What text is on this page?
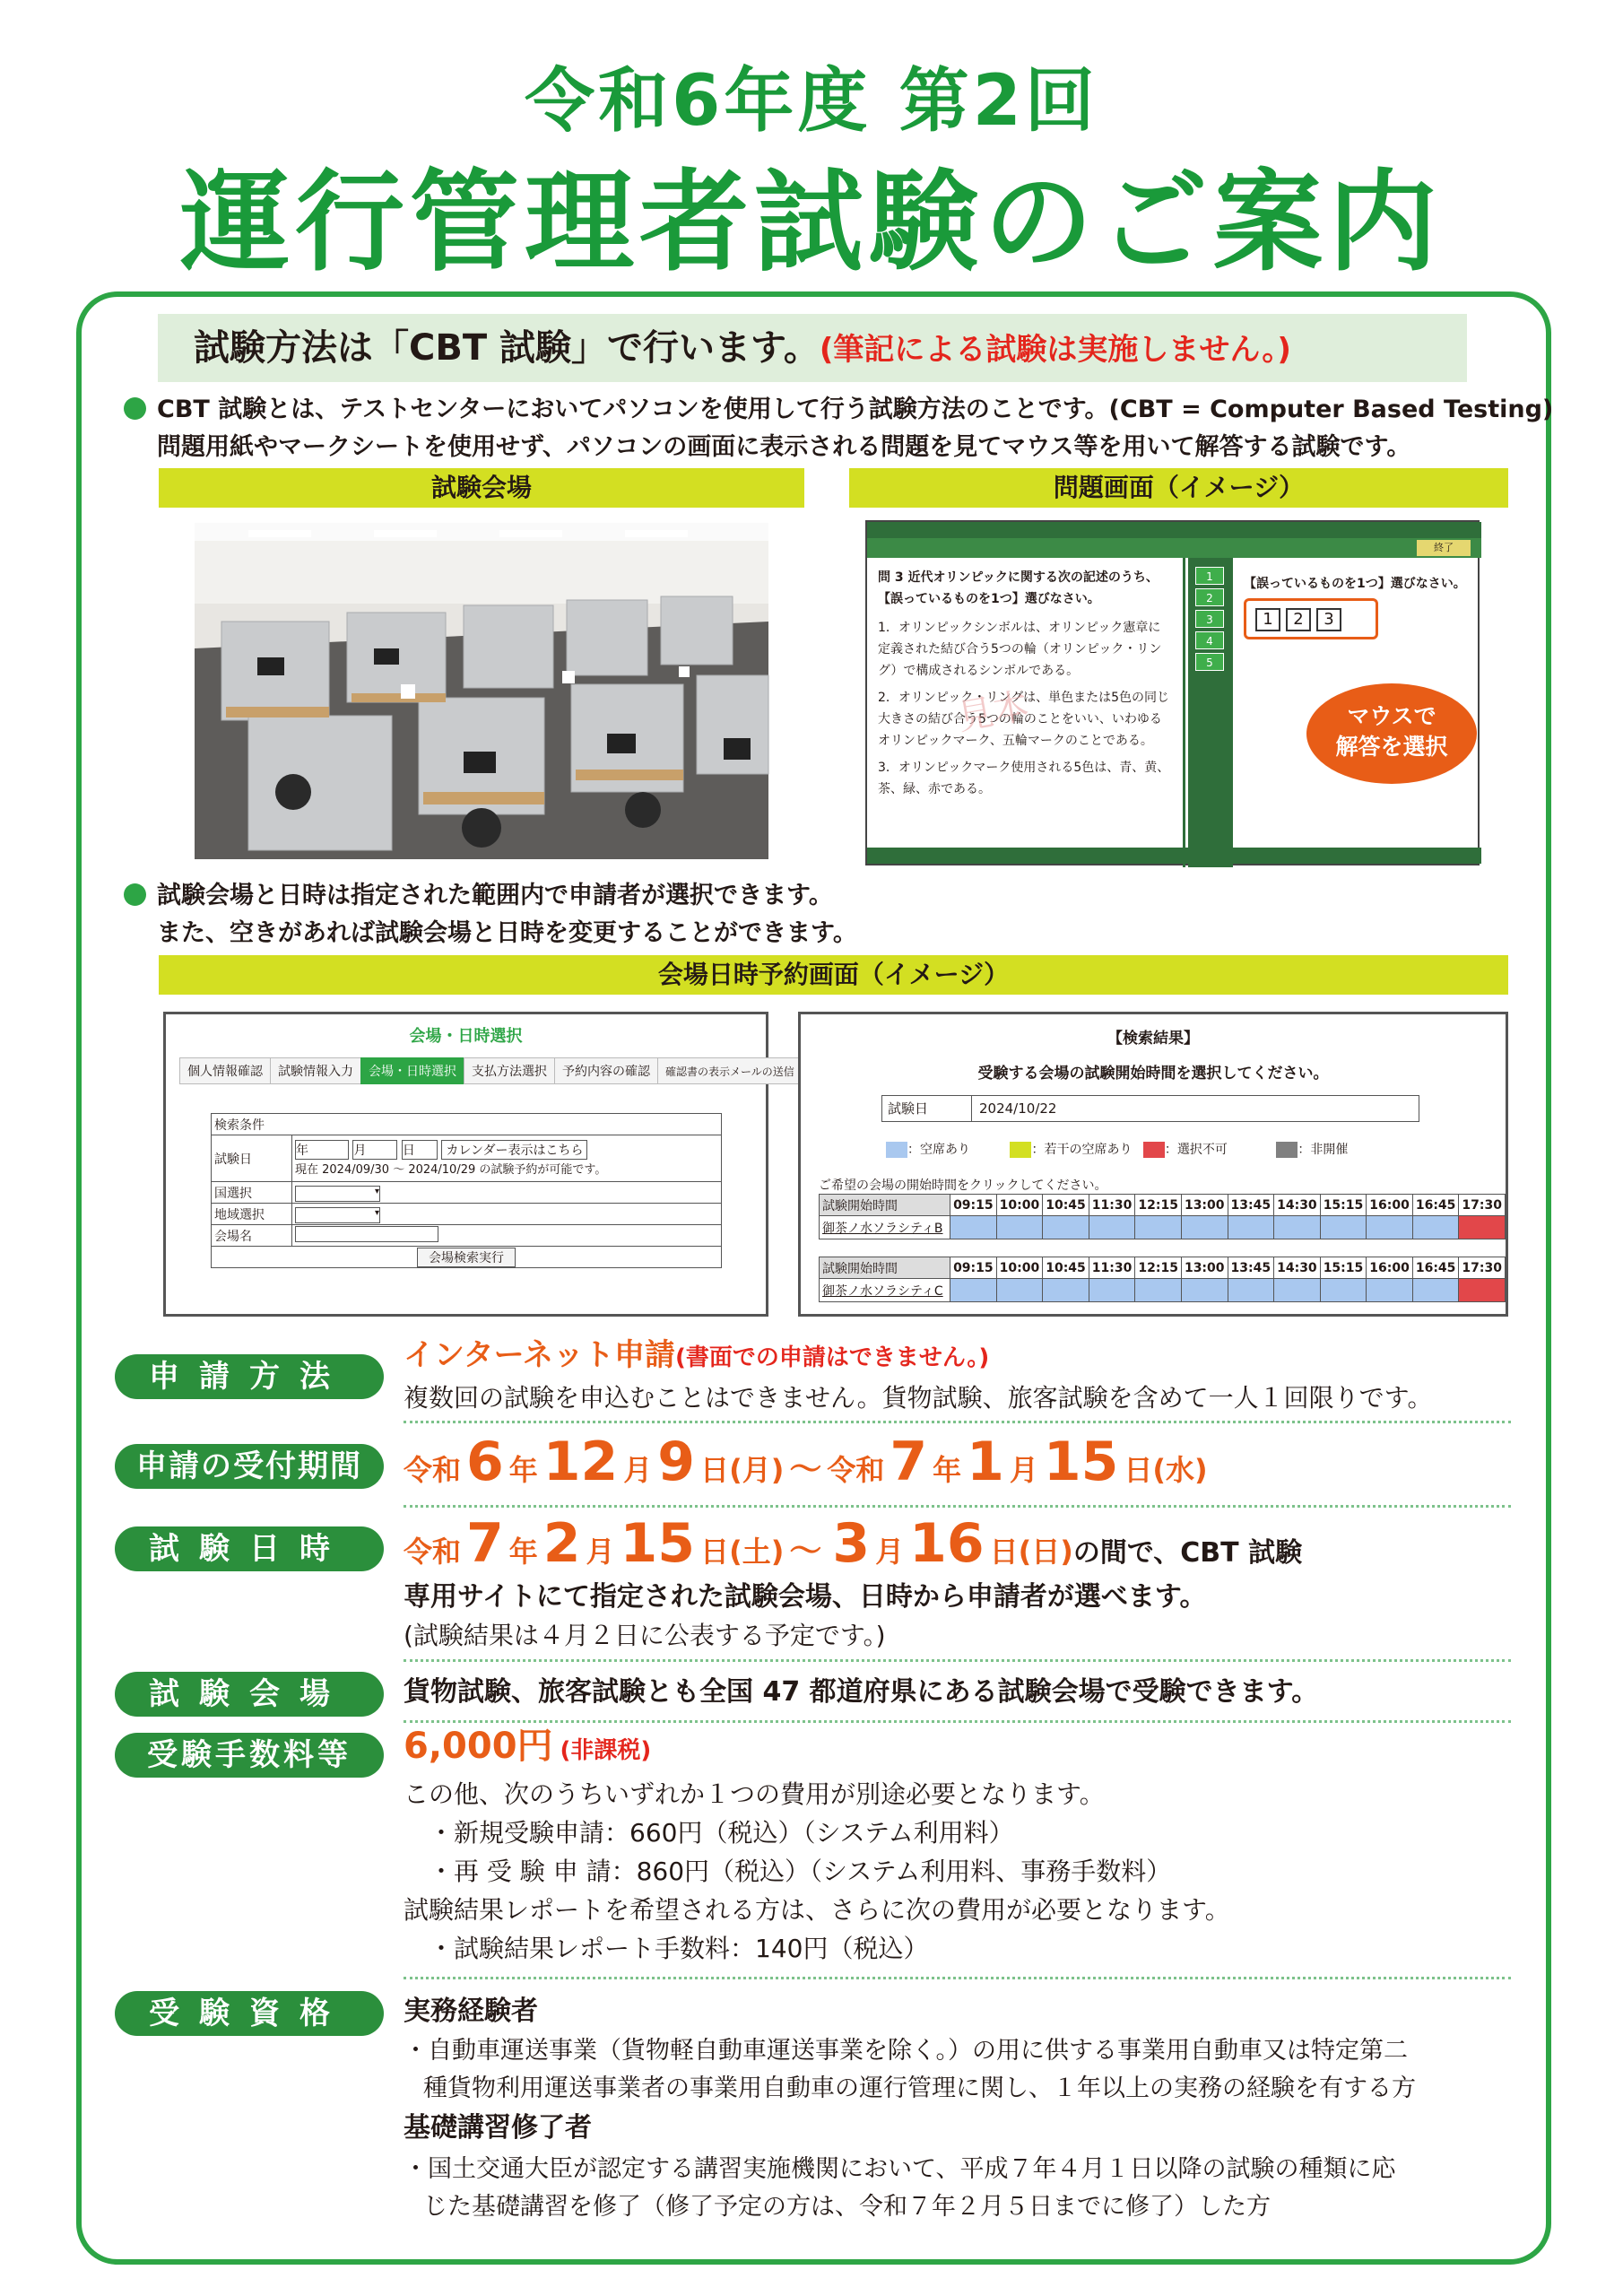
令和6年度 第2回
運行管理者試験のご案内
試験方法は「CBT 試験」で行います。(筆記による試験は実施しません。)
CBT 試験とは、テストセンターにおいてパソコンを使用して行う試験方法のことです。(CBT = Computer Based Testing)
問題用紙やマークシートを使用せず、パソコンの画面に表示される問題を見てマウス等を用いて解答する試験です。
試験会場	問題画面（イメージ）
終了
問 3 近代オリンピックに関する次の記述のうち、【誤っているものを1つ】選びなさい。
1．オリンピックシンボルは、オリンピック憲章に定義された結び合う5つの輪（オリンピック・リング）で構成されるシンボルである。
2．オリンピック・リングは、単色または5色の同じ大きさの結び合う5つの輪のことをいい、いわゆるオリンピックマーク、五輪マークのことである。
3．オリンピックマーク使用される5色は、青、黄、茶、緑、赤である。
見本
1
2
3
4
5
【誤っているものを1つ】選びなさい。
1 2 3
マウスで
解答を選択
試験会場と日時は指定された範囲内で申請者が選択できます。
また、空きがあれば試験会場と日時を変更することができます。
会場日時予約画面（イメージ）
会場・日時選択
個人情報確認 試験情報入力 会場・日時選択 支払方法選択 予約内容の確認 確認書の表示メールの送信
検索条件	
試験日	年 月 日 カレンダー表示はこちら
現在 2024/09/30 ～ 2024/10/29 の試験予約が可能です。

国選択	▾
地域選択	▾
会場名	
会場検索実行	
【検索結果】
受験する会場の試験開始時間を選択してください。
試験日	2024/10/22
：空席あり	：若干の空席あり	：選択不可	：非開催
ご希望の会場の開始時間をクリックしてください。
試験開始時間	09:15	10:00	10:45	11:30	12:15	13:00	13:45	14:30	15:15	16:00	16:45	17:30
御茶ノ水ソラシティB												
試験開始時間	09:15	10:00	10:45	11:30	12:15	13:00	13:45	14:30	15:15	16:00	16:45	17:30
御茶ノ水ソラシティC												
申請方法
インターネット申請(書面での申請はできません。)
複数回の試験を申込むことはできません。貨物試験、旅客試験を含めて一人１回限りです。
申請の受付期間	令和 6 年 12 月 9 日(月) ～ 令和 7 年 1 月 15 日(水)
試験日時	令和 7 年 2 月 15 日(土) ～ 3 月 16 日(日)の間で、CBT 試験
専用サイトにて指定された試験会場、日時から申請者が選べます。
(試験結果は４月２日に公表する予定です。)
試験会場	貨物試験、旅客試験とも全国 47 都道府県にある試験会場で受験できます。
受験手数料等	6,000円 (非課税)
この他、次のうちいずれか１つの費用が別途必要となります。
　・新規受験申請：660円（税込）（システム利用料）
　・再 受 験 申 請：860円（税込）（システム利用料、事務手数料）
試験結果レポートを希望される方は、さらに次の費用が必要となります。
　・試験結果レポート手数料：140円（税込）
受験資格	実務経験者
・自動車運送事業（貨物軽自動車運送事業を除く。）の用に供する事業用自動車又は特定第二
種貨物利用運送事業者の事業用自動車の運行管理に関し、１年以上の実務の経験を有する方
基礎講習修了者
・国土交通大臣が認定する講習実施機関において、平成７年４月１日以降の試験の種類に応
じた基礎講習を修了（修了予定の方は、令和７年２月５日までに修了）した方
